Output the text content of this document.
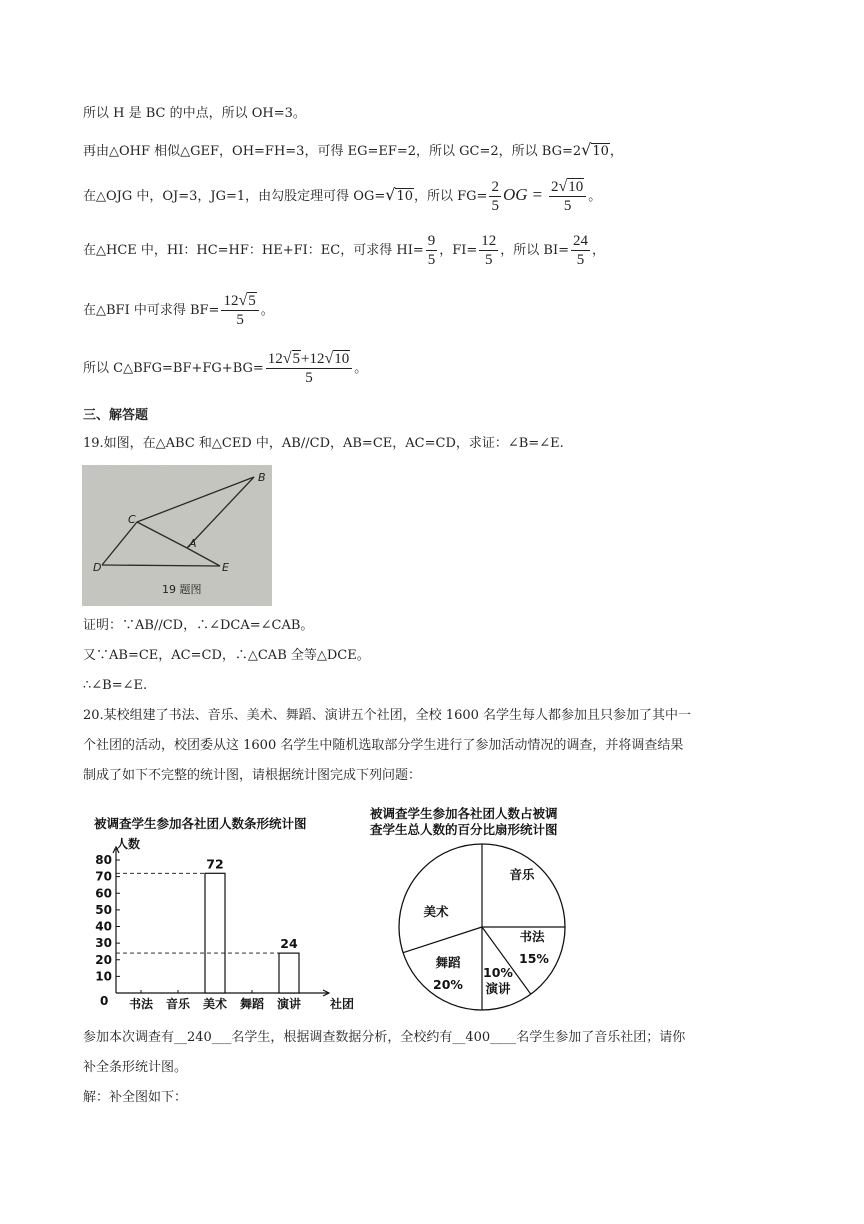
所以 H 是 BC 的中点，所以 OH=3。
再由△OHF 相似△GEF，OH=FH=3，可得 EG=EF=2，所以 GC=2，所以 BG=2√10，
在△OJG 中，OJ=3，JG=1，由勾股定理可得 OG=√10，所以 $FG= \frac{2}{5}$ OG = $\frac{2√10}{5}$ 。
在△HCE 中，HI：HC=HF：HE+FI：EC，可求得 $HI= \frac{9}{5}$ ，$FI= \frac{12}{5}$ ，所以 $BI= \frac{24}{5}$ ，
在△BFI 中可求得 $BF= \frac{12√5}{5}$ 。
所以 C△BFG=BF+FG+BG= $\frac{12√5+12√10}{5}$ 。
三、解答题
19.如图，在△ABC 和△CED 中，AB//CD，AB=CE，AC=CD，求证：∠B=∠E.
B
C
A
D	E
19 题图
证明：∵AB//CD，∴∠DCA=∠CAB。
又∵AB=CE，AC=CD，∴△CAB 全等△DCE。
∴∠B=∠E.
20.某校组建了书法、音乐、美术、舞蹈、演讲五个社团，全校 1600 名学生每人都参加且只参加了其中一
个社团的活动，校团委从这 1600 名学生中随机选取部分学生进行了参加活动情况的调查，并将调查结果
制成了如下不完整的统计图，请根据统计图完成下列问题：
被调查学生参加各社团人数条形统计图
人数
社团
0
10
20
30
40
50
60
70
80
书法 音乐 美术
72
舞蹈 演讲
24
被调查学生参加各社团人数占被调
查学生总人数的百分比扇形统计图
音乐
书法
15%
演讲
10%
舞蹈
20%
美术
参加本次调查有__240___名学生，根据调查数据分析，全校约有__400____名学生参加了音乐社团；请你
补全条形统计图。
解：补全图如下：
